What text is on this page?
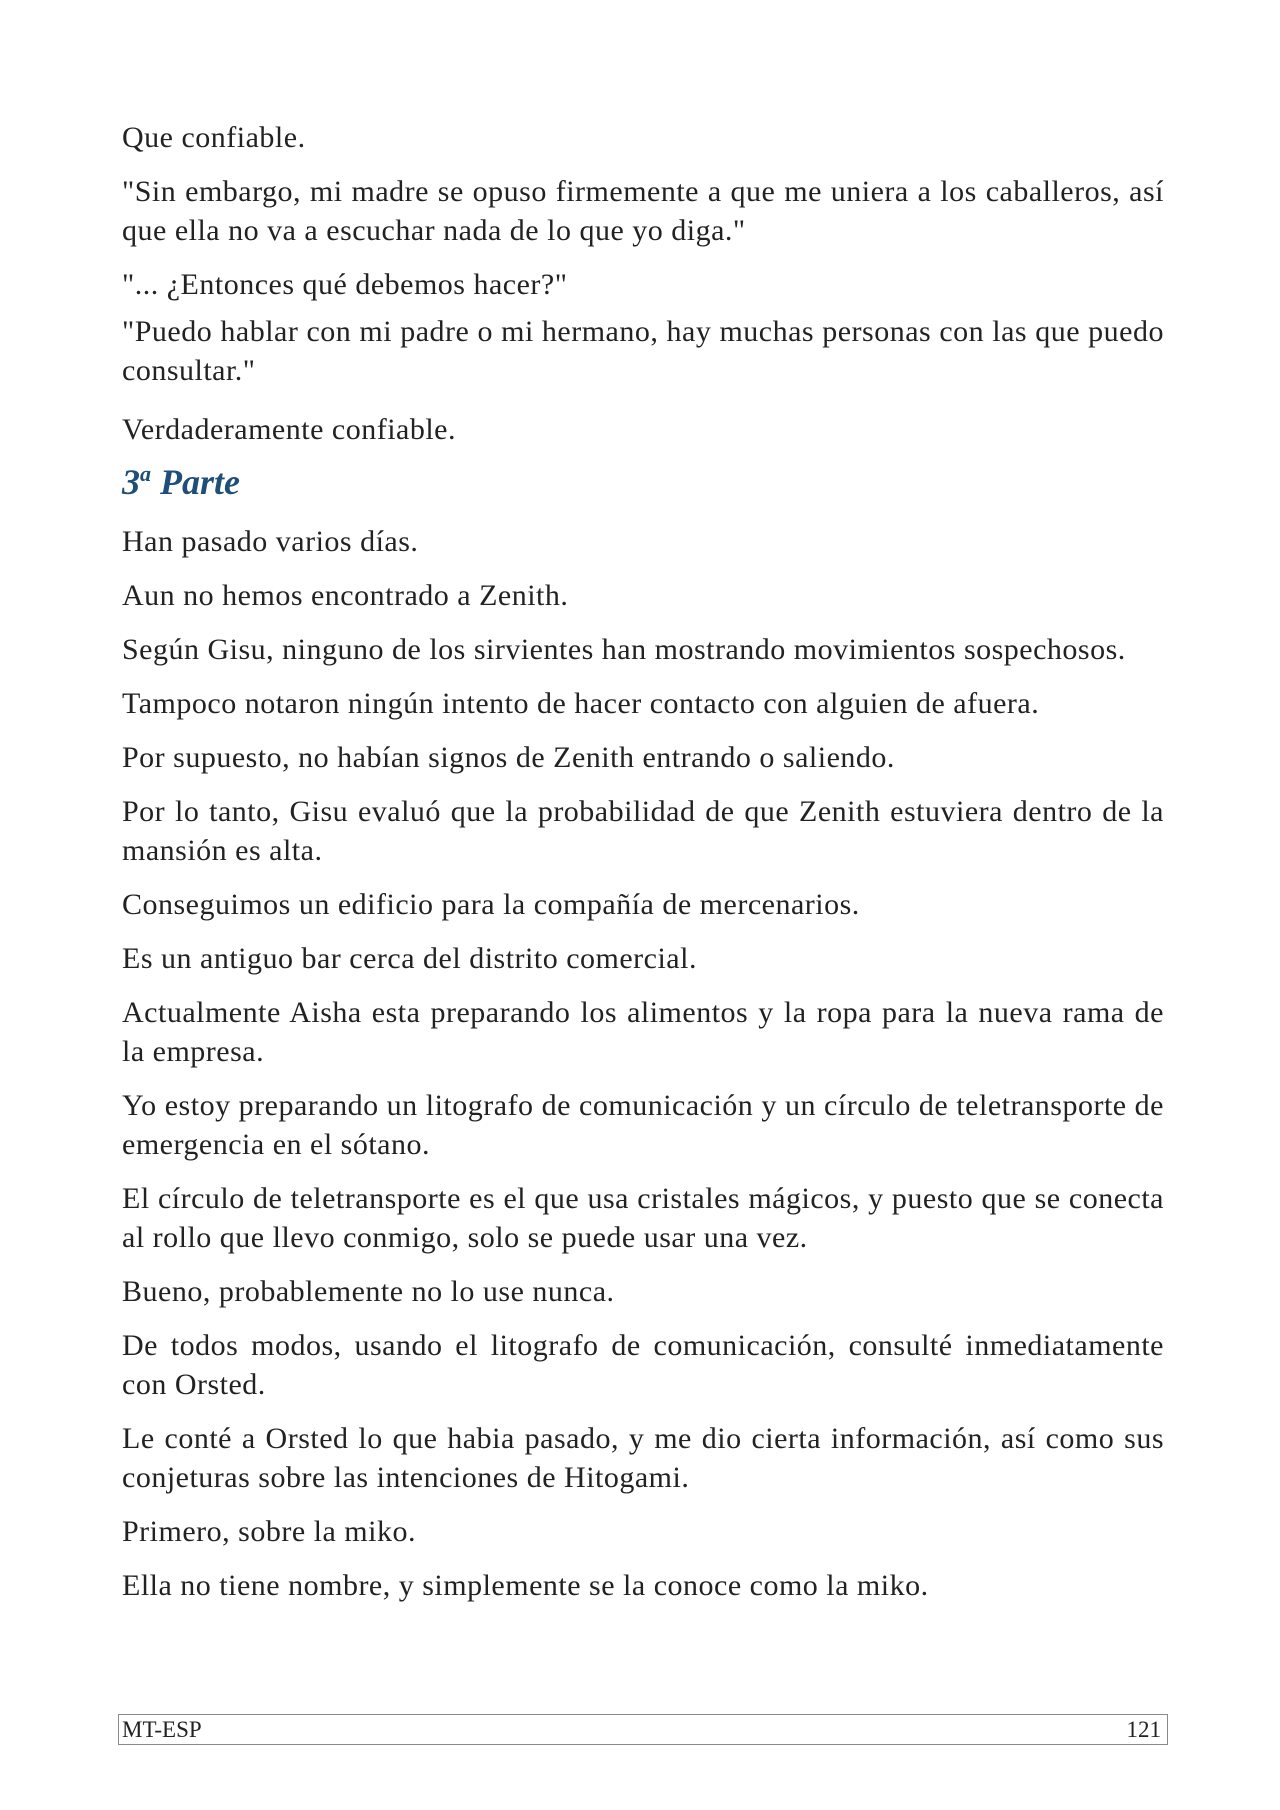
Que confiable.

"Sin embargo, mi madre se opuso firmemente a que me uniera a los caballeros, así que ella no va a escuchar nada de lo que yo diga."

"... ¿Entonces qué debemos hacer?"

"Puedo hablar con mi padre o mi hermano, hay muchas personas con las que puedo consultar."

Verdaderamente confiable.

3$^a$ Parte

Han pasado varios días.

Aun no hemos encontrado a Zenith.

Según Gisu, ninguno de los sirvientes han mostrando movimientos sospechosos.

Tampoco notaron ningún intento de hacer contacto con alguien de afuera.

Por supuesto, no habían signos de Zenith entrando o saliendo.

Por lo tanto, Gisu evaluó que la probabilidad de que Zenith estuviera dentro de la mansión es alta.

Conseguimos un edificio para la compañía de mercenarios.

Es un antiguo bar cerca del distrito comercial.

Actualmente Aisha esta preparando los alimentos y la ropa para la nueva rama de la empresa.

Yo estoy preparando un litografo de comunicación y un círculo de teletransporte de emergencia en el sótano.

El círculo de teletransporte es el que usa cristales mágicos, y puesto que se conecta al rollo que llevo conmigo, solo se puede usar una vez.

Bueno, probablemente no lo use nunca.

De todos modos, usando el litografo de comunicación, consulté inmediatamente con Orsted.

Le conté a Orsted lo que habia pasado, y me dio cierta información, así como sus conjeturas sobre las intenciones de Hitogami.

Primero, sobre la miko.

Ella no tiene nombre, y simplemente se la conoce como la miko.

MT-ESP	121
